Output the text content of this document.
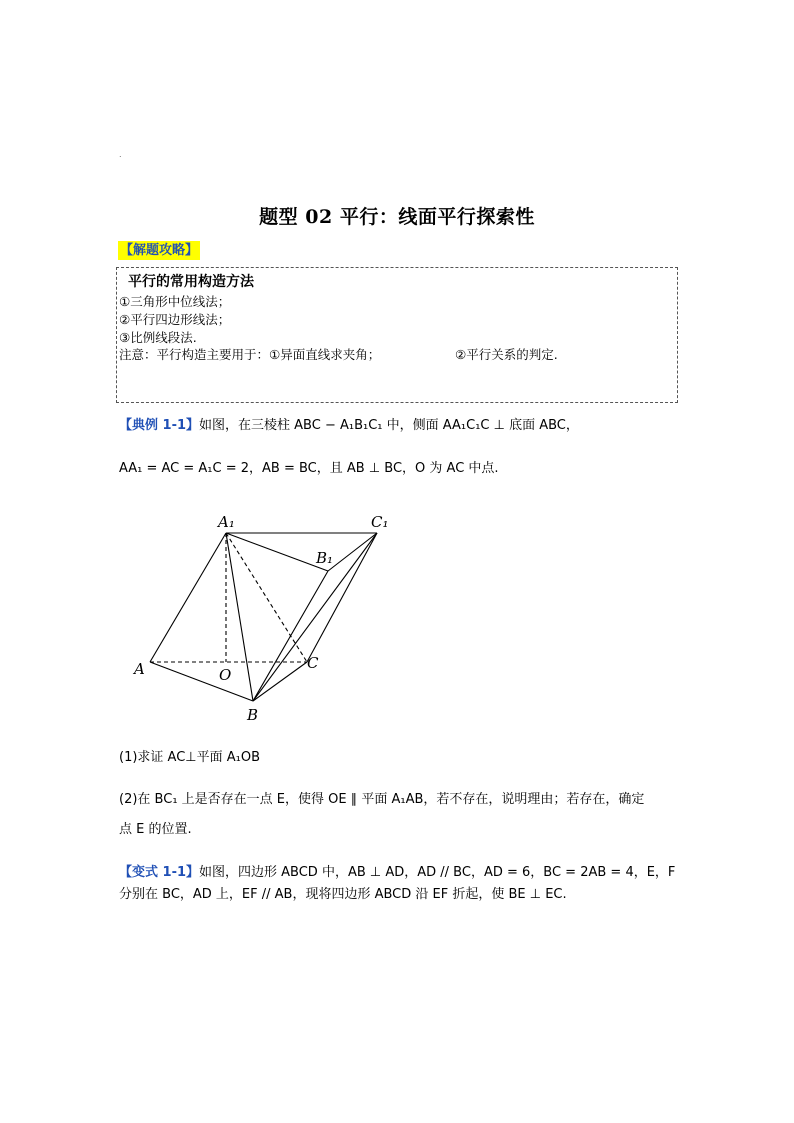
.
题型 02 平行：线面平行探索性
【解题攻略】
平行的常用构造方法
①三角形中位线法；
②平行四边形线法；
③比例线段法.
注意：平行构造主要用于：①异面直线求夹角；	②平行关系的判定.
【典例 1-1】如图，在三棱柱 ABC − A₁B₁C₁ 中，侧面 AA₁C₁C ⊥ 底面 ABC，
AA₁ = AC = A₁C = 2，AB = BC，且 AB ⊥ BC，O 为 AC 中点.
A₁	C₁
B₁
A	O
C
B
(1)求证 AC⊥平面 A₁OB
(2)在 BC₁ 上是否存在一点 E，使得 OE ∥ 平面 A₁AB，若不存在，说明理由；若存在，确定
点 E 的位置.
【变式 1-1】如图，四边形 ABCD 中，AB ⊥ AD，AD // BC，AD = 6，BC = 2AB = 4，E，F
分别在 BC，AD 上，EF // AB，现将四边形 ABCD 沿 EF 折起，使 BE ⊥ EC.
